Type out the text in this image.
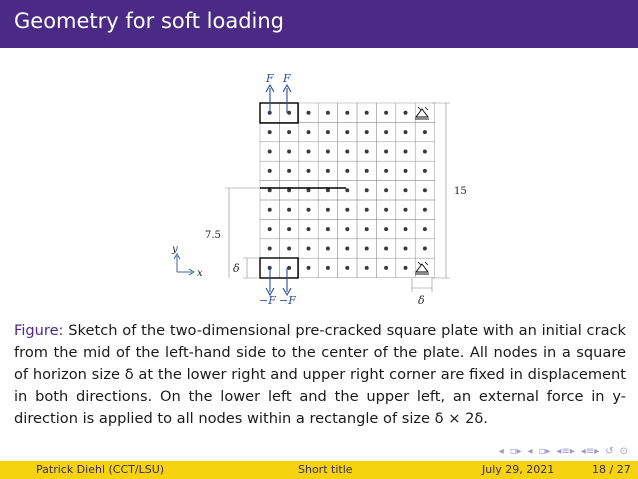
Geometry for soft loading
F F
−F −F
15
7.5
δ
δ
y
x
Figure: Sketch of the two-dimensional pre-cracked square plate with an initial crack from the mid of the left-hand side to the center of the plate. All nodes in a square of horizon size δ at the lower right and upper right corner are fixed in displacement in both directions. On the lower left and the upper left, an external force in y-direction is applied to all nodes within a rectangle of size δ × 2δ.
◂ ▫▸ ◂ ▫▸ ◂≡▸ ◂≡▸ ↺ ⊙
Patrick Diehl (CCT/LSU)	Short title	July 29, 2021	18 / 27
